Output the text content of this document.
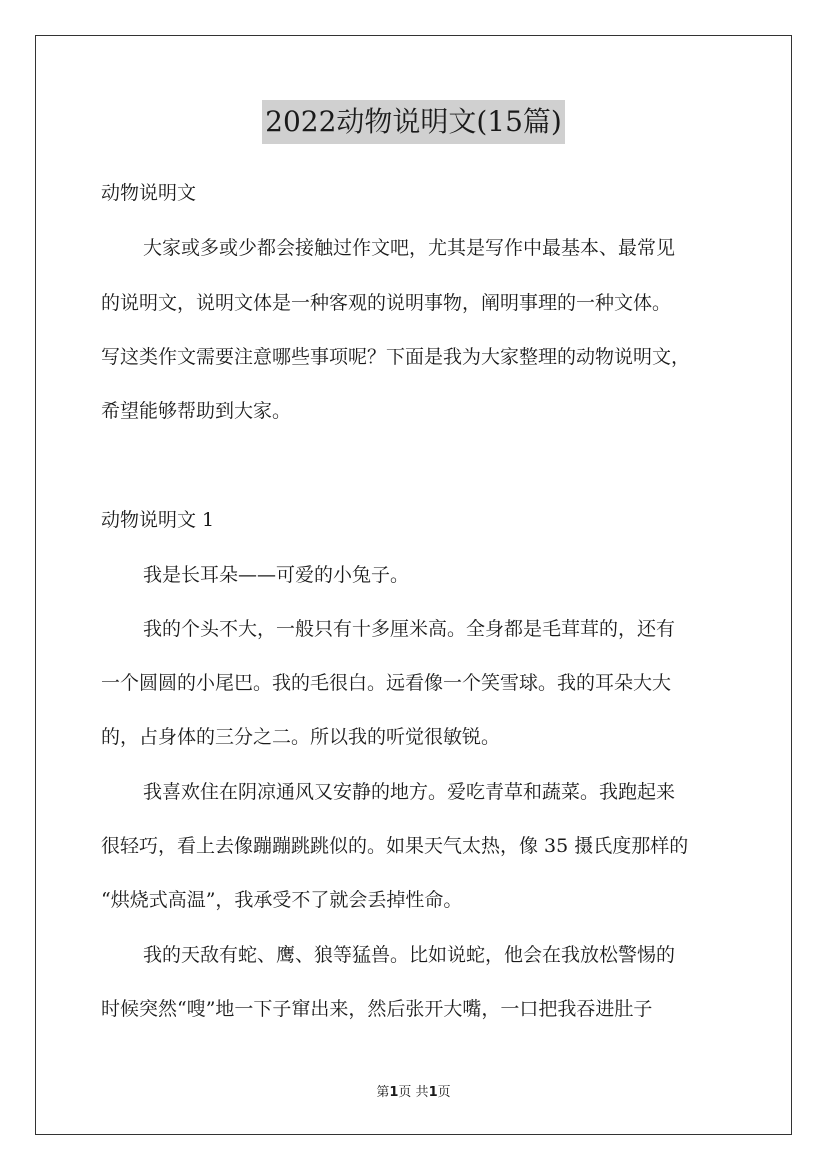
2022动物说明文(15篇)
动物说明文
大家或多或少都会接触过作文吧，尤其是写作中最基本、最常见
的说明文，说明文体是一种客观的说明事物，阐明事理的一种文体。
写这类作文需要注意哪些事项呢？下面是我为大家整理的动物说明文，
希望能够帮助到大家。
动物说明文 1
我是长耳朵——可爱的小兔子。
我的个头不大，一般只有十多厘米高。全身都是毛茸茸的，还有
一个圆圆的小尾巴。我的毛很白。远看像一个笑雪球。我的耳朵大大
的，占身体的三分之二。所以我的听觉很敏锐。
我喜欢住在阴凉通风又安静的地方。爱吃青草和蔬菜。我跑起来
很轻巧，看上去像蹦蹦跳跳似的。如果天气太热，像 35 摄氏度那样的
“烘烧式高温”，我承受不了就会丢掉性命。
我的天敌有蛇、鹰、狼等猛兽。比如说蛇，他会在我放松警惕的
时候突然“嗖”地一下子窜出来，然后张开大嘴，一口把我吞进肚子
第1页 共1页
